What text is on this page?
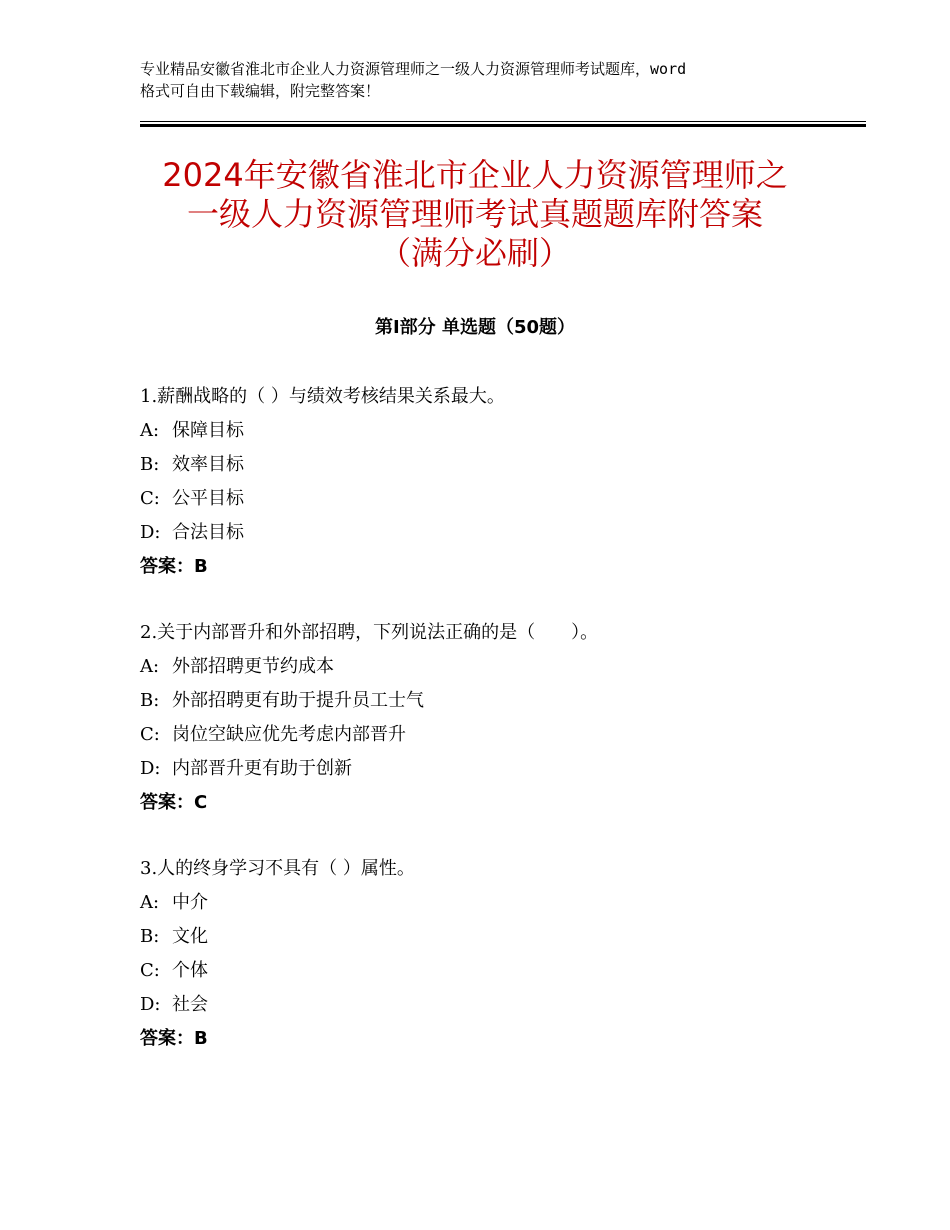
专业精品安徽省淮北市企业人力资源管理师之一级人力资源管理师考试题库，word
格式可自由下载编辑，附完整答案！
2024年安徽省淮北市企业人力资源管理师之
一级人力资源管理师考试真题题库附答案
（满分必刷）
第Ⅰ部分 单选题（50题）
1.薪酬战略的（ ）与绩效考核结果关系最大。
A: 保障目标
B: 效率目标
C: 公平目标
D: 合法目标
答案：B
2.关于内部晋升和外部招聘，下列说法正确的是（　　）。
A: 外部招聘更节约成本
B: 外部招聘更有助于提升员工士气
C: 岗位空缺应优先考虑内部晋升
D: 内部晋升更有助于创新
答案：C
3.人的终身学习不具有（ ）属性。
A: 中介
B: 文化
C: 个体
D: 社会
答案：B
